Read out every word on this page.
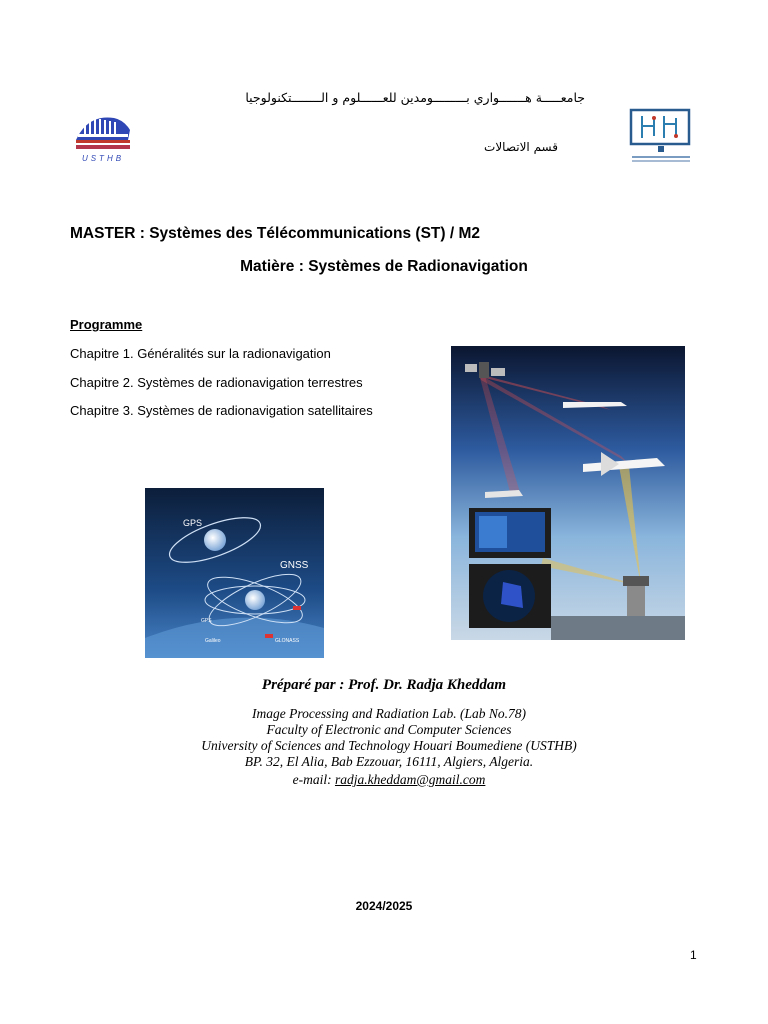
جامعـــــة هـــــــواري بـــــــــومدين للعــــــلوم و الــــــــتكنولوجيا
قسم الاتصالات
USTHB
MASTER : Systèmes des Télécommunications (ST) / M2
Matière : Systèmes de Radionavigation
Programme
Chapitre 1. Généralités sur la radionavigation
Chapitre 2. Systèmes de radionavigation terrestres
Chapitre 3. Systèmes de radionavigation satellitaires
GPS
GNSS
GPS
Galileo	GLONASS
Préparé par : Prof. Dr. Radja Kheddam
Image Processing and Radiation Lab. (Lab No.78)
Faculty of Electronic and Computer Sciences
University of Sciences and Technology Houari Boumediene (USTHB)
BP. 32, El Alia, Bab Ezzouar, 16111, Algiers, Algeria.
e-mail: radja.kheddam@gmail.com
2024/2025
1
